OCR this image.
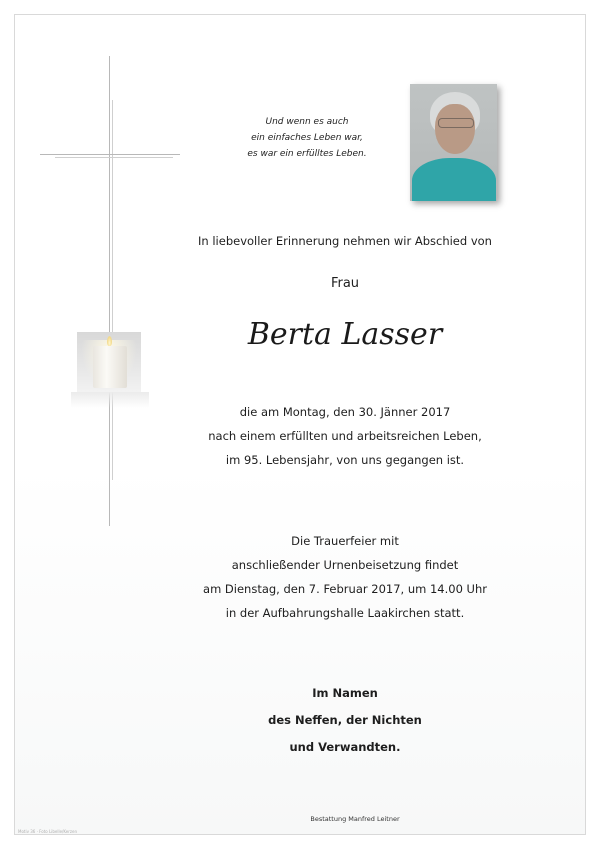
Und wenn es auch
ein einfaches Leben war,
es war ein erfülltes Leben.
In liebevoller Erinnerung nehmen wir Abschied von
Frau
Berta Lasser
die am Montag, den 30. Jänner 2017
nach einem erfüllten und arbeitsreichen Leben,
im 95. Lebensjahr, von uns gegangen ist.
Die Trauerfeier mit
anschließender Urnenbeisetzung findet
am Dienstag, den 7. Februar 2017, um 14.00 Uhr
in der Aufbahrungshalle Laakirchen statt.
Im Namen
des Neffen, der Nichten
und Verwandten.
Bestattung Manfred Leitner
Motiv 36 · Foto Libelle/Kerzen
